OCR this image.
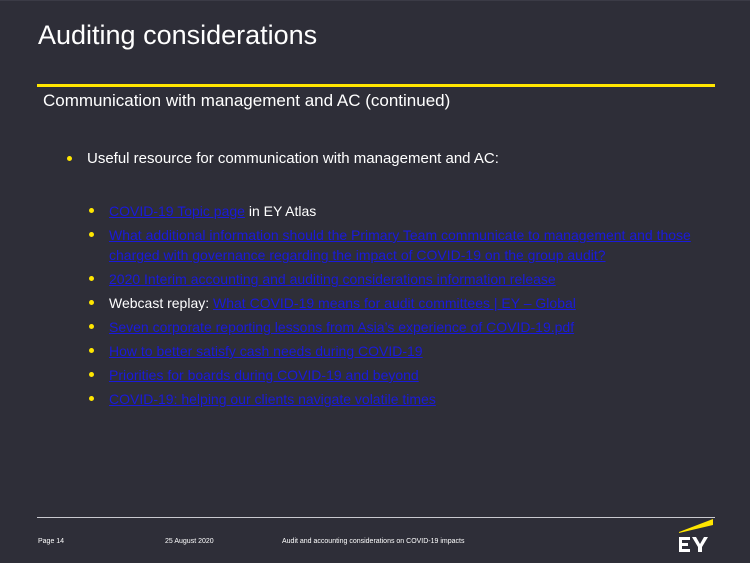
Auditing considerations
Communication with management and AC (continued)
Useful resource for communication with management and AC:
COVID-19 Topic page in EY Atlas
What additional information should the Primary Team communicate to management and those charged with governance regarding the impact of COVID-19 on the group audit?
2020 Interim accounting and auditing considerations information release
Webcast replay: What COVID-19 means for audit committees | EY – Global
Seven corporate reporting lessons from Asia’s experience of COVID-19.pdf
How to better satisfy cash needs during COVID-19
Priorities for boards during COVID-19 and beyond
COVID-19: helping our clients navigate volatile times
Page 14	25 August 2020	Audit and accounting considerations on COVID-19 impacts
